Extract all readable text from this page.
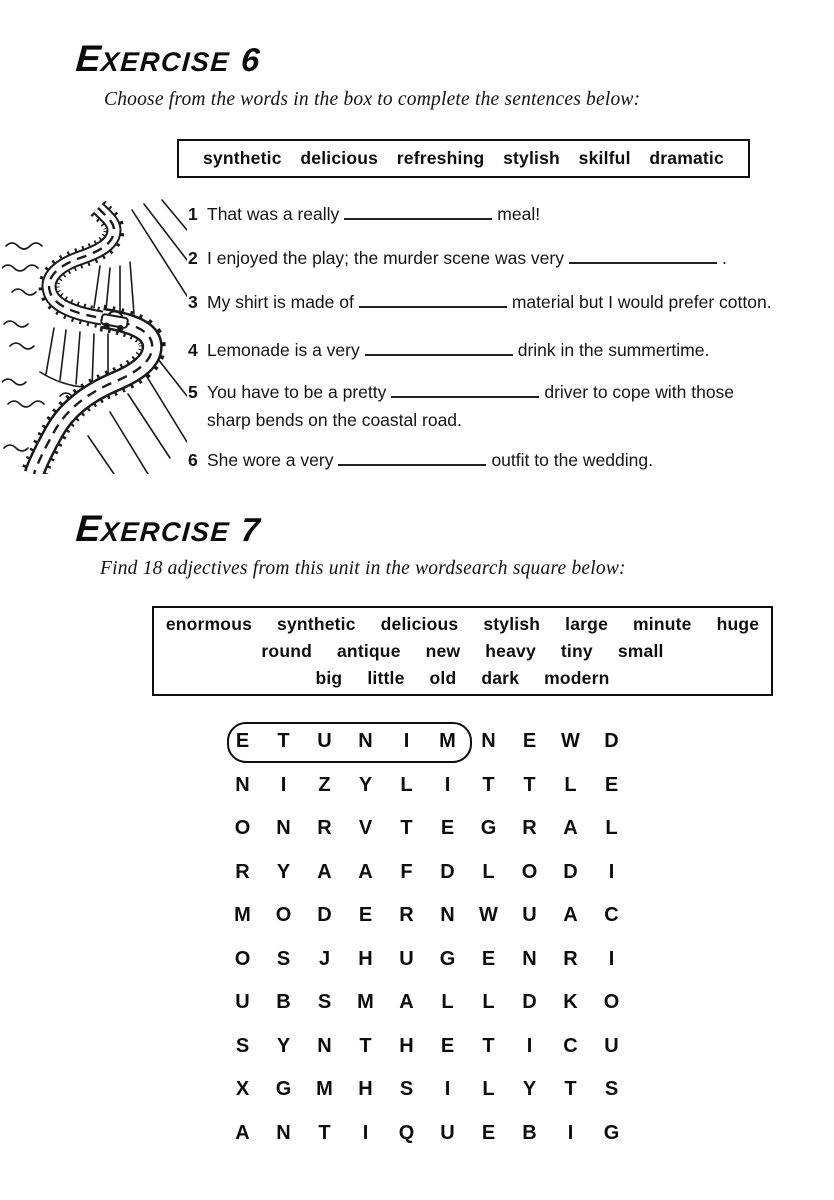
E
XERCISE 6
Choose from the words in the box to complete the sentences below:
synthetic delicious refreshing stylish skilful dramatic
1 That was a really	meal!
2 I enjoyed the play; the murder scene was very	.
3 My shirt is made of	material but I would prefer cotton.
4 Lemonade is a very	drink in the summertime.
5 You have to be a pretty	driver to cope with those
sharp bends on the coastal road.
6 She wore a very	outfit to the wedding.
E
XERCISE 7
Find 18 adjectives from this unit in the wordsearch square below:
enormous synthetic delicious stylish large minute huge
round antique new heavy tiny small
big little old dark modern
E	T	U	N	I	M	N	E	W	D
N	I	Z	Y	L	I	T	T	L	E
O	N	R	V	T	E	G	R	A	L
R	Y	A	A	F	D	L	O	D	I
M	O	D	E	R	N	W	U	A	C
O	S	J	H	U	G	E	N	R	I
U	B	S	M	A	L	L	D	K	O
S	Y	N	T	H	E	T	I	C	U
X	G	M	H	S	I	L	Y	T	S
A	N	T	I	Q	U	E	B	I	G
